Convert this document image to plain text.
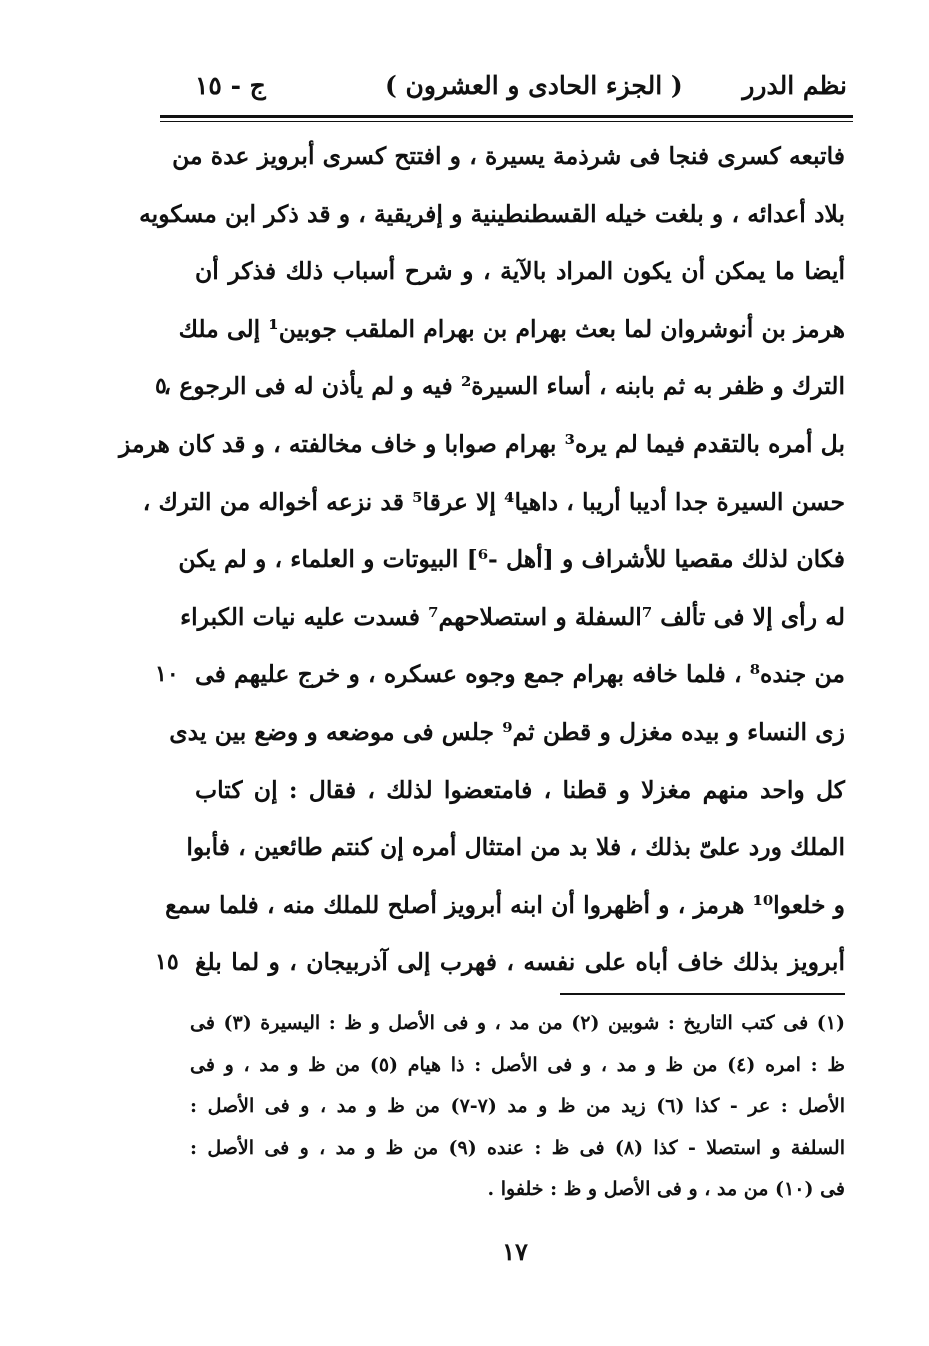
نظم الدرر
( الجزء الحادى و العشرون )
ج - ١٥
فاتبعه كسرى فنجا فى شرذمة يسيرة ، و افتتح كسرى أبرويز عدة من
بلاد أعدائه ، و بلغت خيله القسطنطينية و إفريقية ، و قد ذكر ابن مسكويه
أيضا ما يمكن أن يكون المراد بالآية ، و شرح أسباب ذلك فذكر أن
هرمز بن أنوشروان لما بعث بهرام بن بهرام الملقب جوبين¹ إلى ملك
الترك و ظفر به ثم بابنه ، أساء السيرة² فيه و لم يأذن له فى الرجوع ،
بل أمره بالتقدم فيما لم يره³ بهرام صوابا و خاف مخالفته ، و قد كان هرمز
حسن السيرة جدا أديبا أريبا ، داهيا⁴ إلا عرقا⁵ قد نزعه أخواله من الترك ،
فكان لذلك مقصيا للأشراف و [أهل -⁶] البيوتات و العلماء ، و لم يكن
له رأى إلا فى تألف ⁷السفلة و استصلاحهم⁷ فسدت عليه نيات الكبراء
من جنده⁸ ، فلما خافه بهرام جمع وجوه عسكره ، و خرج عليهم فى
زى النساء و بيده مغزل و قطن ثم⁹ جلس فى موضعه و وضع بين يدى
كل واحد منهم مغزلا و قطنا ، فامتعضوا لذلك ، فقال : إن كتاب
الملك ورد علىّ بذلك ، فلا بد من امتثال أمره إن كنتم طائعين ، فأبوا
و خلعوا¹⁰ هرمز ، و أظهروا أن ابنه أبرويز أصلح للملك منه ، فلما سمع
أبرويز بذلك خاف أباه على نفسه ، فهرب إلى آذربيجان ، و لما بلغ
٥
١٠
١٥
(١) فى كتب التاريخ : شوبين (٢) من مد ، و فى الأصل و ظ : اليسيرة (٣) فى
ظ : امره (٤) من ظ و مد ، و فى الأصل : ذا هيام (٥) من ظ و مد ، و فى
الأصل : عر - كذا (٦) زيد من ظ و مد (٧-٧) من ظ و مد ، و فى الأصل :
السلفة و استصلا - كذا (٨) فى ظ : عنده (٩) من ظ و مد ، و فى الأصل :
فى (١٠) من مد ، و فى الأصل و ظ : خلفوا .
١٧
